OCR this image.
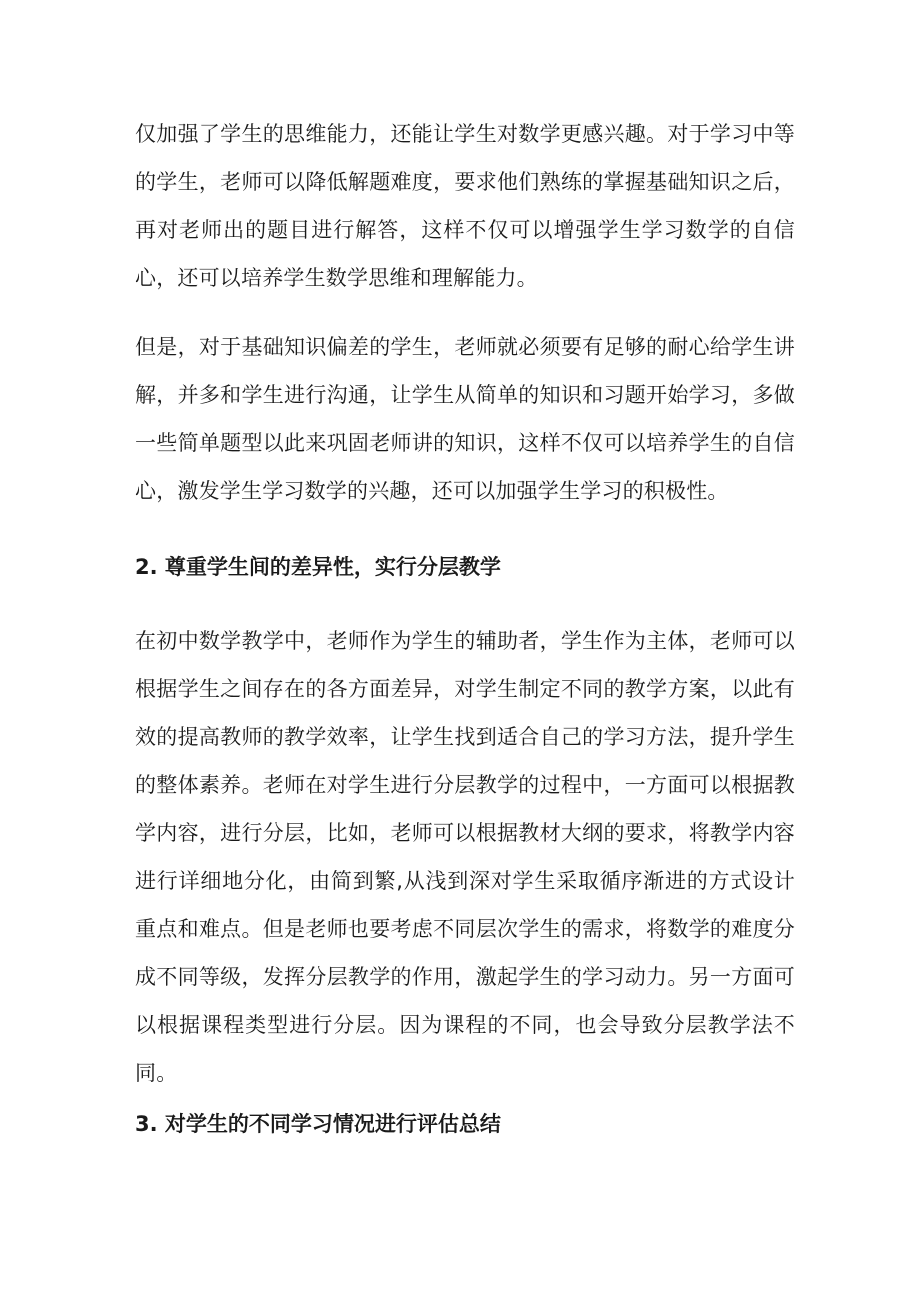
仅加强了学生的思维能力，还能让学生对数学更感兴趣。对于学习中等的学生，老师可以降低解题难度，要求他们熟练的掌握基础知识之后，再对老师出的题目进行解答，这样不仅可以增强学生学习数学的自信心，还可以培养学生数学思维和理解能力。

但是，对于基础知识偏差的学生，老师就必须要有足够的耐心给学生讲解，并多和学生进行沟通，让学生从简单的知识和习题开始学习，多做一些简单题型以此来巩固老师讲的知识，这样不仅可以培养学生的自信心，激发学生学习数学的兴趣，还可以加强学生学习的积极性。

2. 尊重学生间的差异性，实行分层教学

在初中数学教学中，老师作为学生的辅助者，学生作为主体，老师可以根据学生之间存在的各方面差异，对学生制定不同的教学方案，以此有效的提高教师的教学效率，让学生找到适合自己的学习方法，提升学生的整体素养。老师在对学生进行分层教学的过程中，一方面可以根据教学内容，进行分层，比如，老师可以根据教材大纲的要求，将教学内容进行详细地分化，由简到繁,从浅到深对学生采取循序渐进的方式设计重点和难点。但是老师也要考虑不同层次学生的需求，将数学的难度分成不同等级，发挥分层教学的作用，激起学生的学习动力。另一方面可以根据课程类型进行分层。因为课程的不同，也会导致分层教学法不同。

3. 对学生的不同学习情况进行评估总结
